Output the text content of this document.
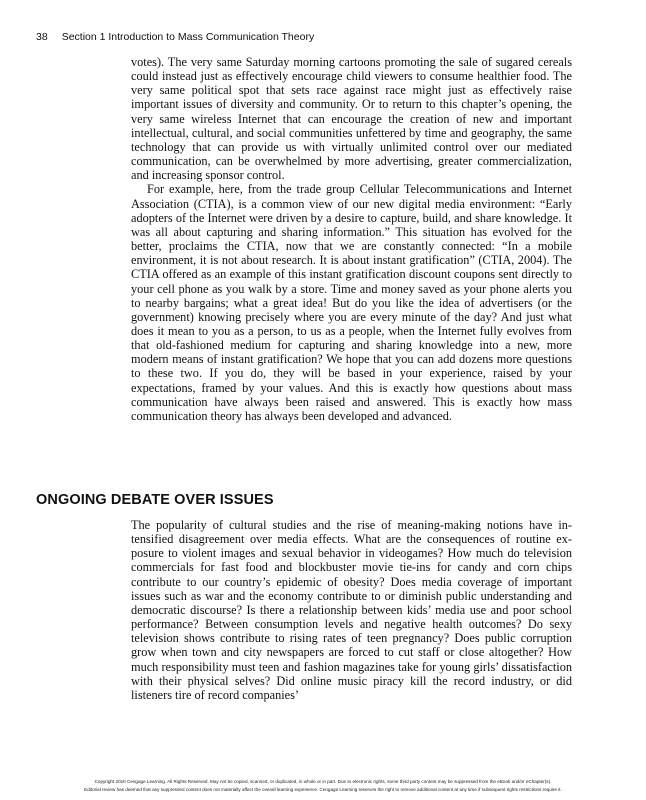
38 Section 1 Introduction to Mass Communication Theory

votes). The very same Saturday morning cartoons promoting the sale of sugared cereals could instead just as effectively encourage child viewers to consume healthier food. The very same political spot that sets race against race might just as effectively raise important issues of diversity and community. Or to return to this chapter’s opening, the very same wireless Internet that can encourage the creation of new and important intellectual, cultural, and social communities unfettered by time and geography, the same technology that can provide us with virtually unlimited control over our mediated communication, can be overwhelmed by more advertising, greater commercialization, and increasing sponsor control.

For example, here, from the trade group Cellular Telecommunications and Internet Association (CTIA), is a common view of our new digital media environment: “Early adopters of the Internet were driven by a desire to capture, build, and share knowledge. It was all about capturing and sharing information.” This situation has evolved for the better, proclaims the CTIA, now that we are constantly connected: “In a mobile environment, it is not about research. It is about instant gratification” (CTIA, 2004). The CTIA offered as an example of this instant gratification discount coupons sent directly to your cell phone as you walk by a store. Time and money saved as your phone alerts you to nearby bargains; what a great idea! But do you like the idea of advertisers (or the government) knowing precisely where you are every minute of the day? And just what does it mean to you as a person, to us as a people, when the Internet fully evolves from that old-fashioned medium for capturing and sharing knowledge into a new, more modern means of instant gratification? We hope that you can add dozens more questions to these two. If you do, they will be based in your experience, raised by your expectations, framed by your values. And this is exactly how questions about mass communication have always been raised and answered. This is exactly how mass communication theory has always been developed and advanced.

ONGOING DEBATE OVER ISSUES

The popularity of cultural studies and the rise of meaning-making notions have intensified disagreement over media effects. What are the consequences of routine exposure to violent images and sexual behavior in videogames? How much do television commercials for fast food and blockbuster movie tie-ins for candy and corn chips contribute to our country’s epidemic of obesity? Does media coverage of important issues such as war and the economy contribute to or diminish public understanding and democratic discourse? Is there a relationship between kids’ media use and poor school performance? Between consumption levels and negative health outcomes? Do sexy television shows contribute to rising rates of teen pregnancy? Does public corruption grow when town and city newspapers are forced to cut staff or close altogether? How much responsibility must teen and fashion magazines take for young girls’ dissatisfaction with their physical selves? Did online music piracy kill the record industry, or did listeners tire of record companies’

Copyright 2010 Cengage Learning. All Rights Reserved. May not be copied, scanned, or duplicated, in whole or in part. Due to electronic rights, some third party content may be suppressed from the eBook and/or eChapter(s).
Editorial review has deemed that any suppressed content does not materially affect the overall learning experience. Cengage Learning reserves the right to remove additional content at any time if subsequent rights restrictions require it.
